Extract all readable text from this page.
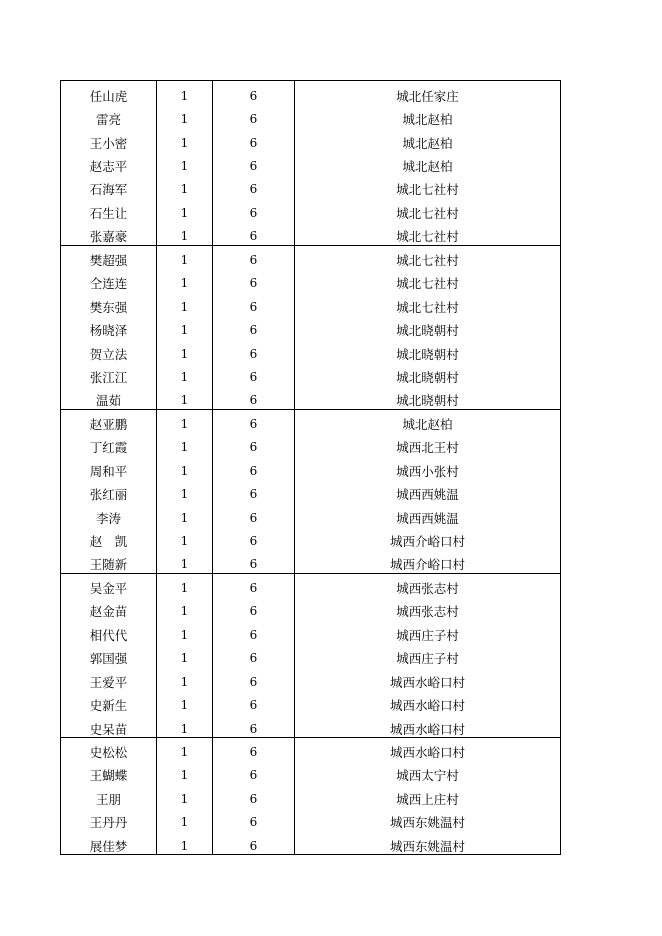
任山虎	1	6	城北任家庄
雷亮	1	6	城北赵柏
王小密	1	6	城北赵柏
赵志平	1	6	城北赵柏
石海军	1	6	城北七社村
石生让	1	6	城北七社村
张嘉豪	1	6	城北七社村
樊超强	1	6	城北七社村
仝连连	1	6	城北七社村
樊东强	1	6	城北七社村
杨晓泽	1	6	城北晓朝村
贺立法	1	6	城北晓朝村
张江江	1	6	城北晓朝村
温茹	1	6	城北晓朝村
赵亚鹏	1	6	城北赵柏
丁红霞	1	6	城西北王村
周和平	1	6	城西小张村
张红丽	1	6	城西西姚温
李涛	1	6	城西西姚温
赵　凯	1	6	城西介峪口村
王随新	1	6	城西介峪口村
吴金平	1	6	城西张志村
赵金苗	1	6	城西张志村
相代代	1	6	城西庄子村
郭国强	1	6	城西庄子村
王爱平	1	6	城西水峪口村
史新生	1	6	城西水峪口村
史呆苗	1	6	城西水峪口村
史松松	1	6	城西水峪口村
王蝴蝶	1	6	城西太宁村
王朋	1	6	城西上庄村
王丹丹	1	6	城西东姚温村
展佳梦	1	6	城西东姚温村
